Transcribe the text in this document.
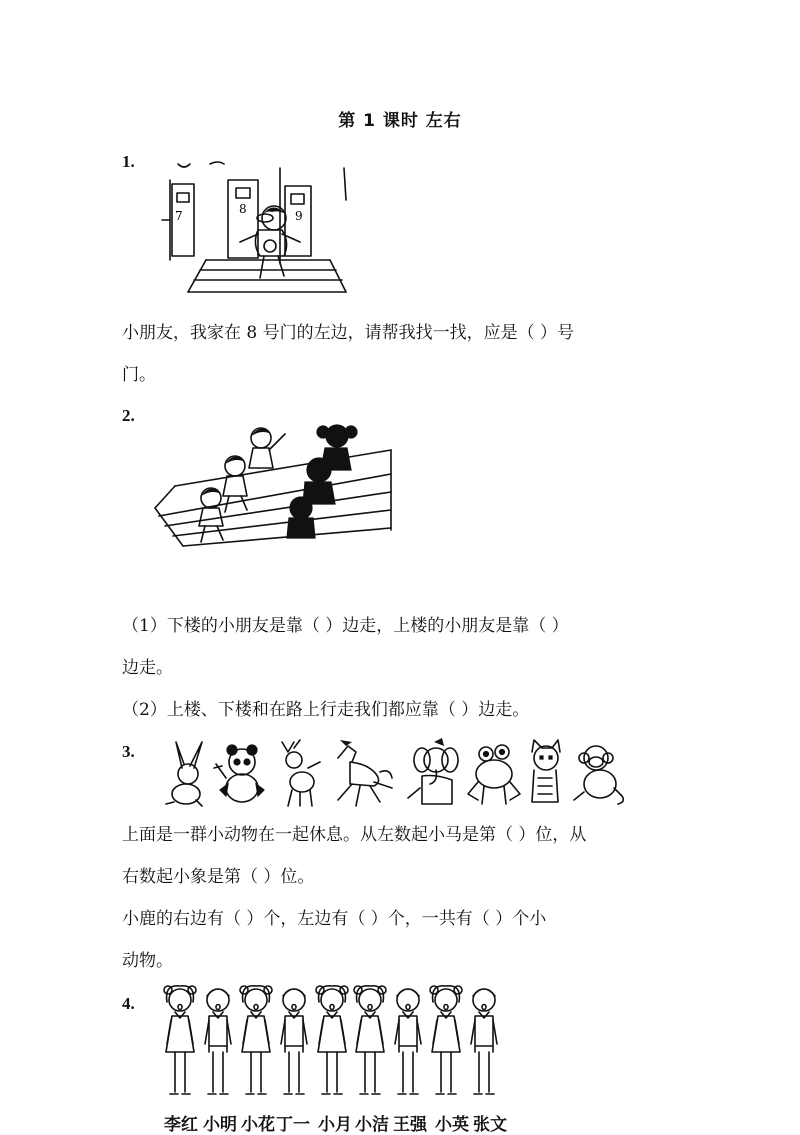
第 1 课时 左右
1.
7	8	9
小朋友，我家在 8 号门的左边，请帮我找一找，应是（ ）号
门。
2.
（1）下楼的小朋友是靠（ ）边走，上楼的小朋友是靠（ ）
边走。
（2）上楼、下楼和在路上行走我们都应靠（ ）边走。
3.
上面是一群小动物在一起休息。从左数起小马是第（ ）位，从
右数起小象是第（ ）位。
小鹿的右边有（ ）个，左边有（ ）个，一共有（ ）个小
动物。
4.
李红 小明 小花 丁一 小月 小洁 王强 小英 张文
